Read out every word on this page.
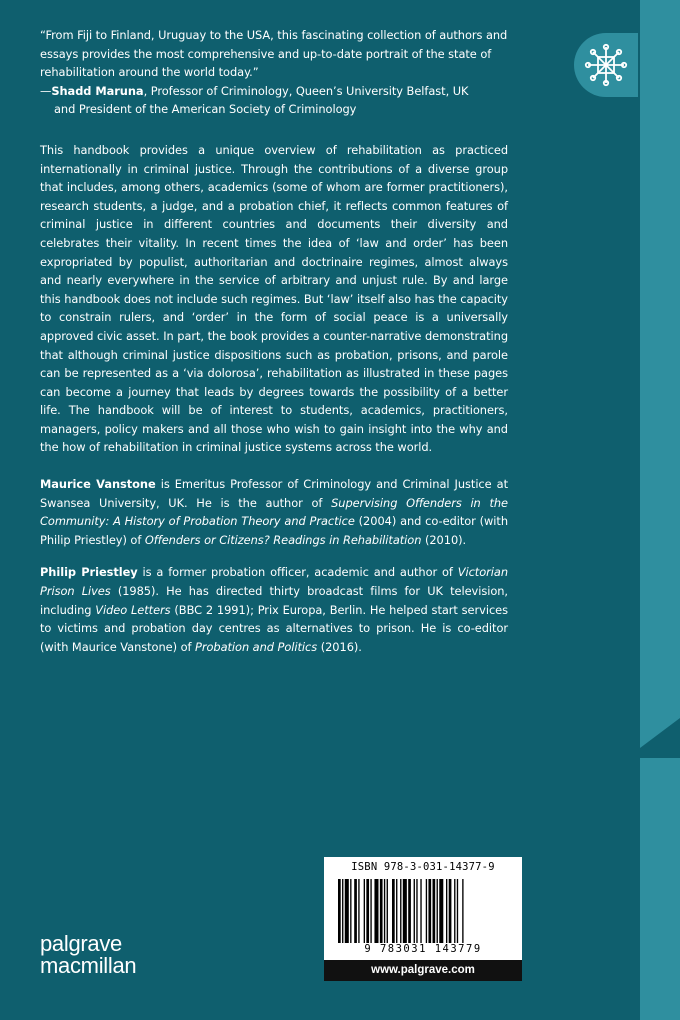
“From Fiji to Finland, Uruguay to the USA, this fascinating collection of authors and essays provides the most comprehensive and up-to-date portrait of the state of rehabilitation around the world today.”

—Shadd Maruna, Professor of Criminology, Queen’s University Belfast, UK
and President of the American Society of Criminology

This handbook provides a unique overview of rehabilitation as practiced internationally in criminal justice. Through the contributions of a diverse group that includes, among others, academics (some of whom are former practitioners), research students, a judge, and a probation chief, it reflects common features of criminal justice in different countries and documents their diversity and celebrates their vitality. In recent times the idea of ‘law and order’ has been expropriated by populist, authoritarian and doctrinaire regimes, almost always and nearly everywhere in the service of arbitrary and unjust rule. By and large this handbook does not include such regimes. But ‘law’ itself also has the capacity to constrain rulers, and ‘order’ in the form of social peace is a universally approved civic asset. In part, the book provides a counter-narrative demonstrating that although criminal justice dispositions such as probation, prisons, and parole can be represented as a ‘via dolorosa’, rehabilitation as illustrated in these pages can become a journey that leads by degrees towards the possibility of a better life. The handbook will be of interest to students, academics, practitioners, managers, policy makers and all those who wish to gain insight into the why and the how of rehabilitation in criminal justice systems across the world.

Maurice Vanstone is Emeritus Professor of Criminology and Criminal Justice at Swansea University, UK. He is the author of Supervising Offenders in the Community: A History of Probation Theory and Practice (2004) and co-editor (with Philip Priestley) of Offenders or Citizens? Readings in Rehabilitation (2010).

Philip Priestley is a former probation officer, academic and author of Victorian Prison Lives (1985). He has directed thirty broadcast films for UK television, including Video Letters (BBC 2 1991); Prix Europa, Berlin. He helped start services to victims and probation day centres as alternatives to prison. He is co-editor (with Maurice Vanstone) of Probation and Politics (2016).

ISBN 978-3-031-14377-9
9 783031 143779
www.palgrave.com
palgrave
macmillan
